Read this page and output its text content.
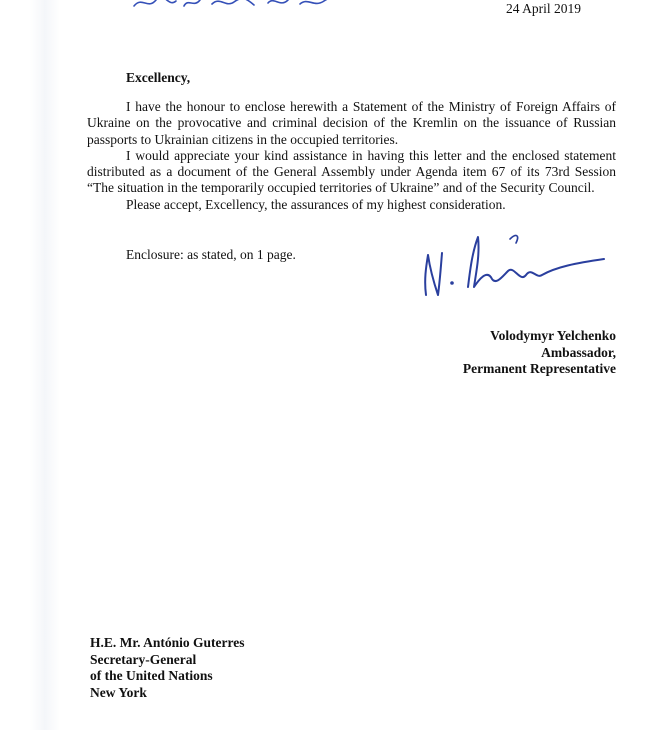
24 April 2019
Excellency,

I have the honour to enclose herewith a Statement of the Ministry of Foreign Affairs of Ukraine on the provocative and criminal decision of the Kremlin on the issuance of Russian passports to Ukrainian citizens in the occupied territories.

I would appreciate your kind assistance in having this letter and the enclosed statement distributed as a document of the General Assembly under Agenda item 67 of its 73rd Session “The situation in the temporarily occupied territories of Ukraine” and of the Security Council.

Please accept, Excellency, the assurances of my highest consideration.

Enclosure: as stated, on 1 page.
Volodymyr Yelchenko
Ambassador,
Permanent Representative
H.E. Mr. António Guterres
Secretary-General
of the United Nations
New York
